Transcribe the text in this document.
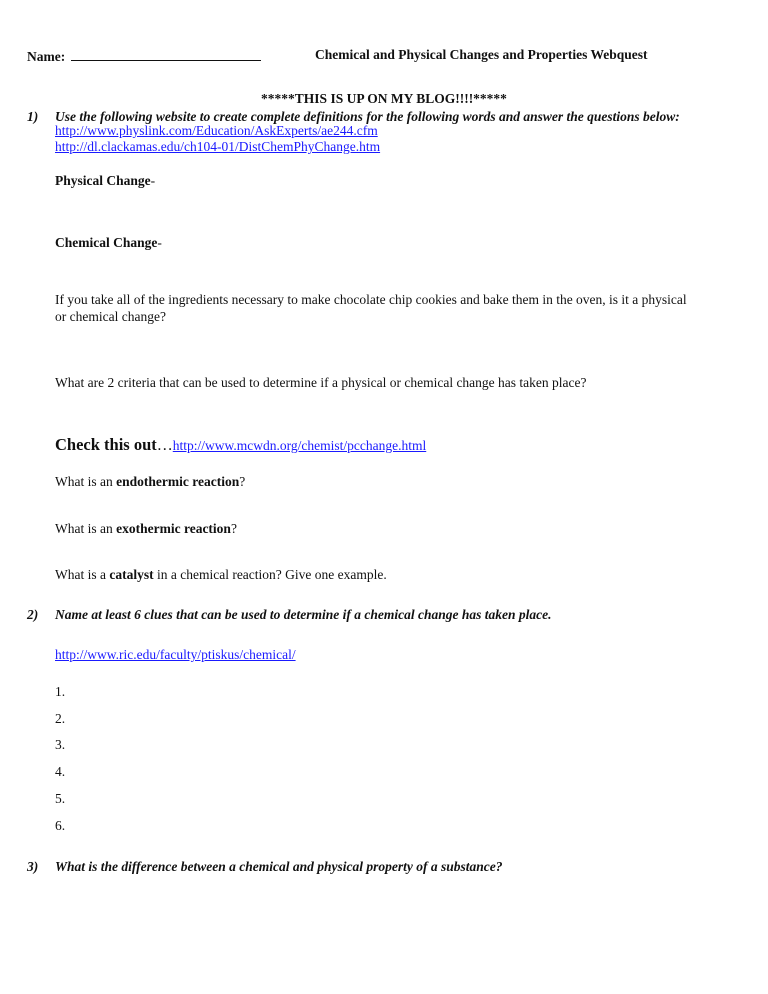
Name:	Chemical and Physical Changes and Properties Webquest
*****THIS IS UP ON MY BLOG!!!!*****
1) Use the following website to create complete definitions for the following words and answer the questions below:
http://www.physlink.com/Education/AskExperts/ae244.cfm
http://dl.clackamas.edu/ch104-01/DistChemPhyChange.htm
Physical Change-
Chemical Change-
If you take all of the ingredients necessary to make chocolate chip cookies and bake them in the oven, is it a physical
or chemical change?
What are 2 criteria that can be used to determine if a physical or chemical change has taken place?
Check this out…http://www.mcwdn.org/chemist/pcchange.html
What is an endothermic reaction?
What is an exothermic reaction?
What is a catalyst in a chemical reaction? Give one example.
2) Name at least 6 clues that can be used to determine if a chemical change has taken place.
http://www.ric.edu/faculty/ptiskus/chemical/
1.
2.
3.
4.
5.
6.
3) What is the difference between a chemical and physical property of a substance?
